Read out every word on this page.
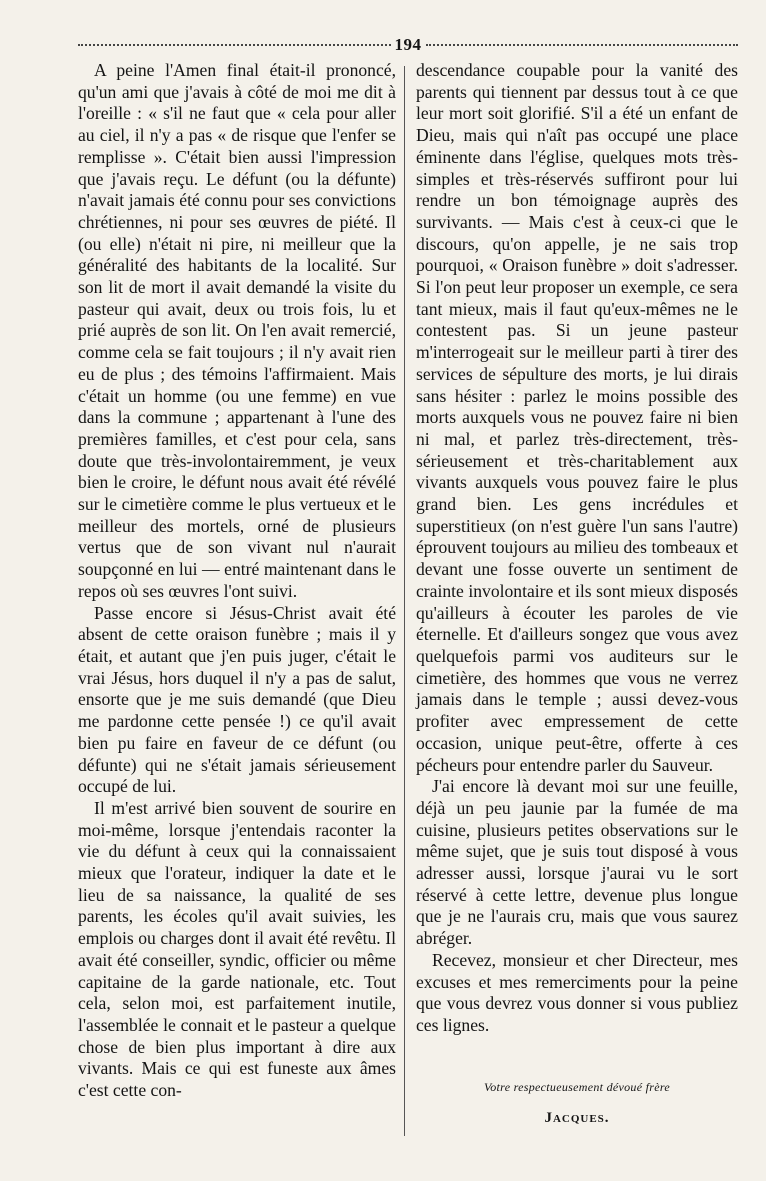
194

A peine l'Amen final était-il prononcé, qu'un ami que j'avais à côté de moi me dit à l'oreille : « s'il ne faut que « cela pour aller au ciel, il n'y a pas « de risque que l'enfer se remplisse ». C'était bien aussi l'impression que j'avais reçu. Le défunt (ou la défunte) n'avait jamais été connu pour ses convictions chrétiennes, ni pour ses œuvres de piété. Il (ou elle) n'était ni pire, ni meilleur que la généralité des habitants de la localité. Sur son lit de mort il avait demandé la visite du pasteur qui avait, deux ou trois fois, lu et prié auprès de son lit. On l'en avait remercié, comme cela se fait toujours ; il n'y avait rien eu de plus ; des témoins l'affirmaient. Mais c'était un homme (ou une femme) en vue dans la commune ; appartenant à l'une des premières familles, et c'est pour cela, sans doute que très-involontairemment, je veux bien le croire, le défunt nous avait été révélé sur le cimetière comme le plus vertueux et le meilleur des mortels, orné de plusieurs vertus que de son vivant nul n'aurait soupçonné en lui — entré maintenant dans le repos où ses œuvres l'ont suivi.

Passe encore si Jésus-Christ avait été absent de cette oraison funèbre ; mais il y était, et autant que j'en puis juger, c'était le vrai Jésus, hors duquel il n'y a pas de salut, ensorte que je me suis demandé (que Dieu me pardonne cette pensée !) ce qu'il avait bien pu faire en faveur de ce défunt (ou défunte) qui ne s'était jamais sérieusement occupé de lui.

Il m'est arrivé bien souvent de sourire en moi-même, lorsque j'entendais raconter la vie du défunt à ceux qui la connaissaient mieux que l'orateur, indiquer la date et le lieu de sa naissance, la qualité de ses parents, les écoles qu'il avait suivies, les emplois ou charges dont il avait été revêtu. Il avait été conseiller, syndic, officier ou même capitaine de la garde nationale, etc. Tout cela, selon moi, est parfaitement inutile, l'assemblée le connait et le pasteur a quelque chose de bien plus important à dire aux vivants. Mais ce qui est funeste aux âmes c'est cette con-

descendance coupable pour la vanité des parents qui tiennent par dessus tout à ce que leur mort soit glorifié. S'il a été un enfant de Dieu, mais qui n'aît pas occupé une place éminente dans l'église, quelques mots très-simples et très-réservés suffiront pour lui rendre un bon témoignage auprès des survivants. — Mais c'est à ceux-ci que le discours, qu'on appelle, je ne sais trop pourquoi, « Oraison funèbre » doit s'adresser. Si l'on peut leur proposer un exemple, ce sera tant mieux, mais il faut qu'eux-mêmes ne le contestent pas. Si un jeune pasteur m'interrogeait sur le meilleur parti à tirer des services de sépulture des morts, je lui dirais sans hésiter : parlez le moins possible des morts auxquels vous ne pouvez faire ni bien ni mal, et parlez très-directement, très-sérieusement et très-charitablement aux vivants auxquels vous pouvez faire le plus grand bien. Les gens incrédules et superstitieux (on n'est guère l'un sans l'autre) éprouvent toujours au milieu des tombeaux et devant une fosse ouverte un sentiment de crainte involontaire et ils sont mieux disposés qu'ailleurs à écouter les paroles de vie éternelle. Et d'ailleurs songez que vous avez quelquefois parmi vos auditeurs sur le cimetière, des hommes que vous ne verrez jamais dans le temple ; aussi devez-vous profiter avec empressement de cette occasion, unique peut-être, offerte à ces pécheurs pour entendre parler du Sauveur.

J'ai encore là devant moi sur une feuille, déjà un peu jaunie par la fumée de ma cuisine, plusieurs petites observations sur le même sujet, que je suis tout disposé à vous adresser aussi, lorsque j'aurai vu le sort réservé à cette lettre, devenue plus longue que je ne l'aurais cru, mais que vous saurez abréger.

Recevez, monsieur et cher Directeur, mes excuses et mes remerciments pour la peine que vous devrez vous donner si vous publiez ces lignes.

Votre respectueusement dévoué frère
Jacques.
